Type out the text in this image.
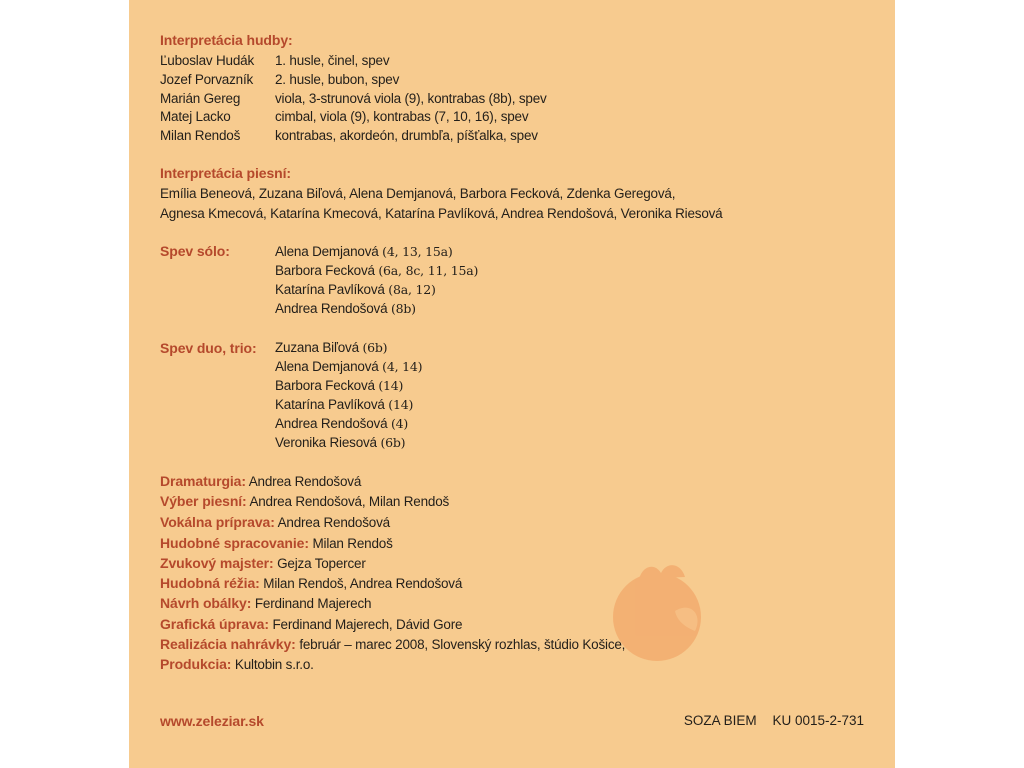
Interpretácia hudby:
Ľuboslav Hudák 1. husle, činel, spev
Jozef Porvazník 2. husle, bubon, spev
Marián Gereg	viola, 3-strunová viola (9), kontrabas (8b), spev
Matej Lacko	cimbal, viola (9), kontrabas (7, 10, 16), spev
Milan Rendoš	kontrabas, akordeón, drumbľa, píšťalka, spev
Interpretácia piesní:
Emília Beneová, Zuzana Biľová, Alena Demjanová, Barbora Fecková, Zdenka Geregová,
Agnesa Kmecová, Katarína Kmecová, Katarína Pavlíková, Andrea Rendošová, Veronika Riesová
Spev sólo:	Alena Demjanová (4, 13, 15a)
Barbora Fecková (6a, 8c, 11, 15a)
Katarína Pavlíková (8a, 12)
Andrea Rendošová (8b)
Spev duo, trio: Zuzana Biľová (6b)
Alena Demjanová (4, 14)
Barbora Fecková (14)
Katarína Pavlíková (14)
Andrea Rendošová (4)
Veronika Riesová (6b)
Dramaturgia: Andrea Rendošová
Výber piesní: Andrea Rendošová, Milan Rendoš
Vokálna príprava: Andrea Rendošová
Hudobné spracovanie: Milan Rendoš
Zvukový majster: Gejza Topercer
Hudobná réžia: Milan Rendoš, Andrea Rendošová
Návrh obálky: Ferdinand Majerech
Grafická úprava: Ferdinand Majerech, Dávid Gore
Realizácia nahrávky: február – marec 2008, Slovenský rozhlas, štúdio Košice,
Produkcia: Kultobin s.r.o.
www.zeleziar.sk	SOZA BIEM KU 0015-2-731
